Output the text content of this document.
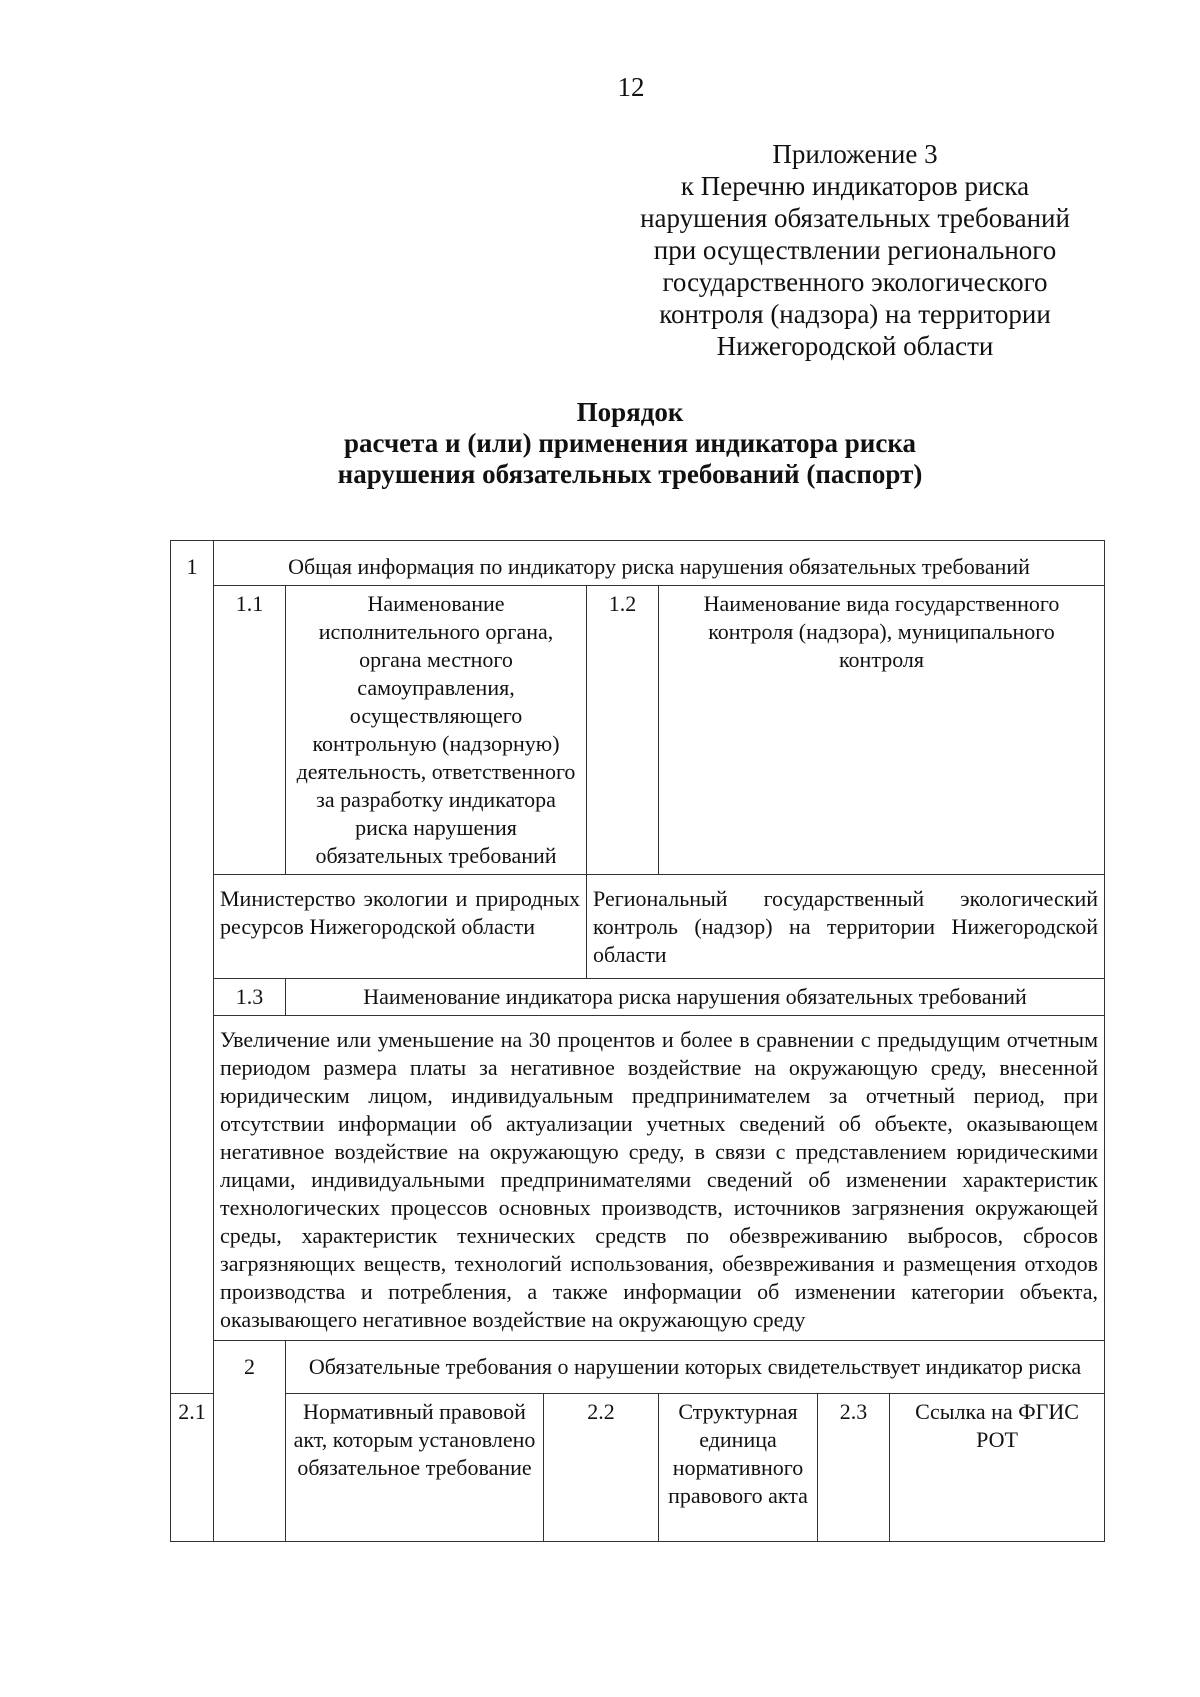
12
Приложение 3
к Перечню индикаторов риска
нарушения обязательных требований
при осуществлении регионального
государственного экологического
контроля (надзора) на территории
Нижегородской области
Порядок
расчета и (или) применения индикатора риска
нарушения обязательных требований (паспорт)
1	Общая информация по индикатору риска нарушения обязательных требований						
	1.1	Наименование исполнительного органа, органа местного самоуправления, осуществляющего контрольную (надзорную) деятельность, ответственного за разработку индикатора риска нарушения обязательных требований		1.2	Наименование вида государственного контроля (надзора), муниципального контроля		
	Министерство экологии и природных ресурсов Нижегородской области			Региональный государственный экологический контроль (надзор) на территории Нижегородской области			
	1.3	Наименование индикатора риска нарушения обязательных требований					
	Увеличение или уменьшение на 30 процентов и более в сравнении с предыдущим отчетным периодом размера платы за негативное воздействие на окружающую среду, внесенной юридическим лицом, индивидуальным предпринимателем за отчетный период, при отсутствии информации об актуализации учетных сведений об объекте, оказывающем негативное воздействие на окружающую среду, в связи с представлением юридическими лицами, индивидуальными предпринимателями сведений об изменении характеристик технологических процессов основных производств, источников загрязнения окружающей среды, характеристик технических средств по обезвреживанию выбросов, сбросов загрязняющих веществ, технологий использования, обезвреживания и размещения отходов производства и потребления, а также информации об изменении категории объекта, оказывающего негативное воздействие на окружающую среду						
	2	Обязательные требования о нарушении которых свидетельствует индикатор риска					
2.1		Нормативный правовой акт, которым установлено обязательное требование	2.2		Структурная единица нормативного правового акта	2.3	Ссылка на ФГИС РОТ
